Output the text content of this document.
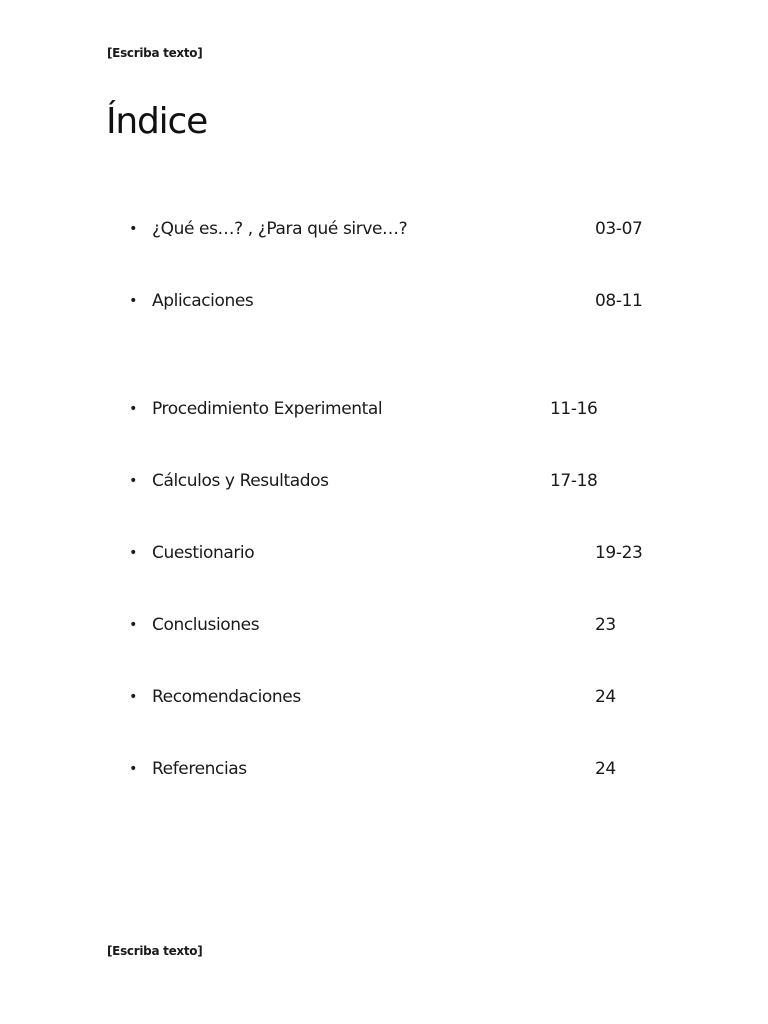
[Escriba texto]
Índice
• ¿Qué es…? , ¿Para qué sirve…?	03-07
• Aplicaciones	08-11
• Procedimiento Experimental	11-16
• Cálculos y Resultados	17-18
• Cuestionario	19-23
• Conclusiones	23
• Recomendaciones	24
• Referencias	24
[Escriba texto]
